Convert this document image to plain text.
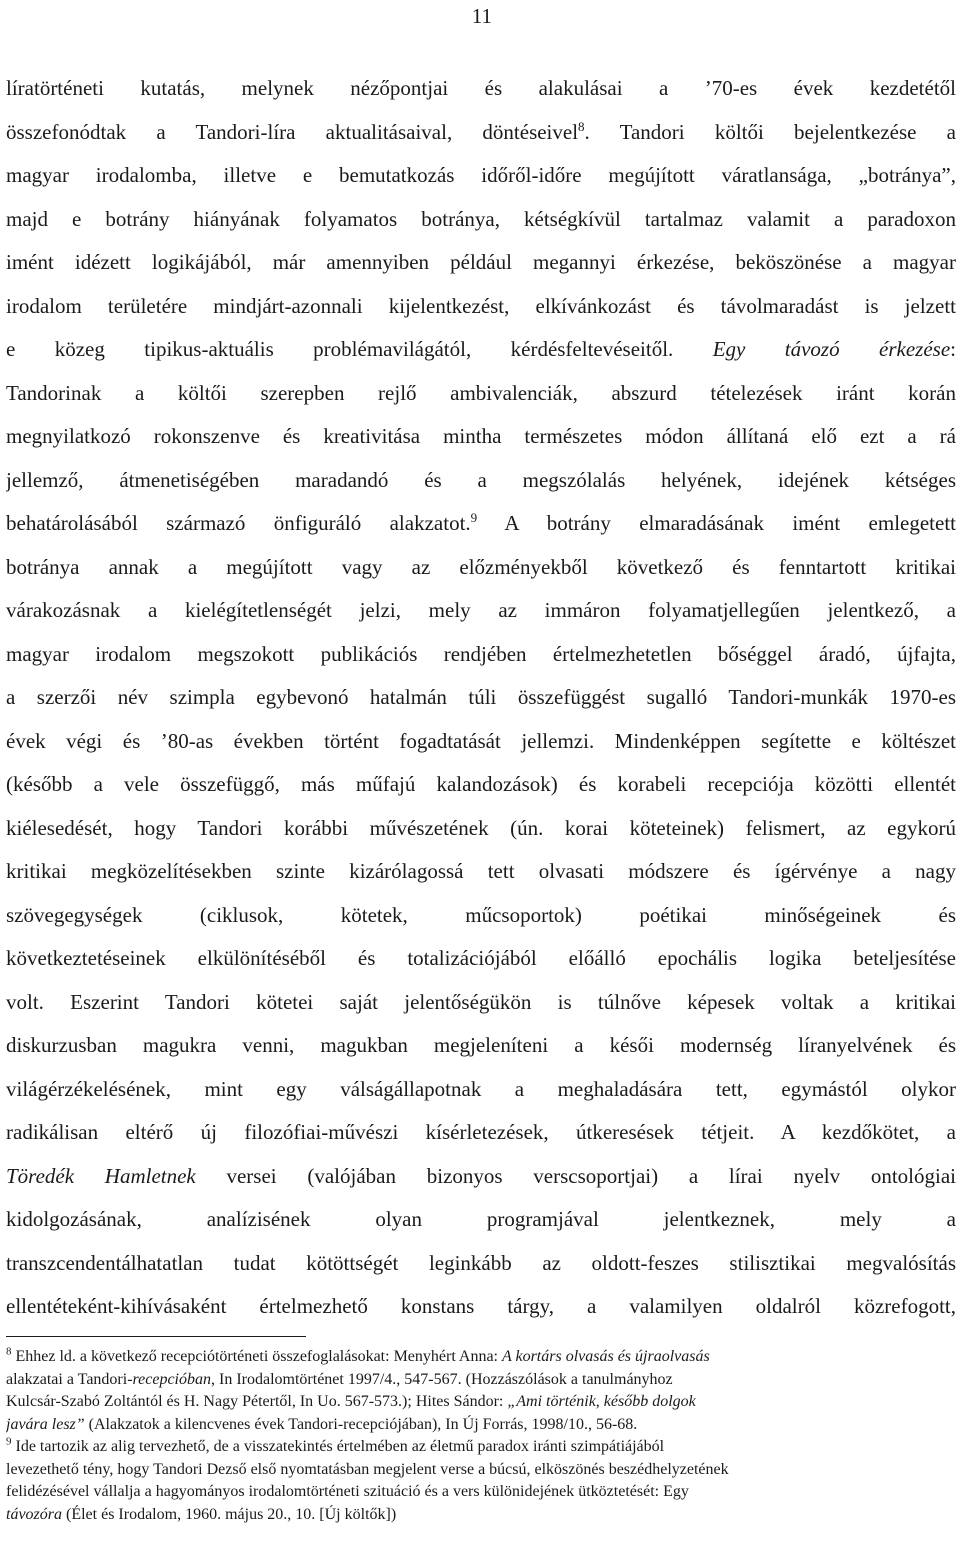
11
líratörténeti kutatás, melynek nézőpontjai és alakulásai a ’70-es évek kezdetétől
összefonódtak a Tandori-líra aktualitásaival, döntéseivel$^8$. Tandori költői bejelentkezése a
magyar irodalomba, illetve e bemutatkozás időről-időre megújított váratlansága, „botránya”,
majd e botrány hiányának folyamatos botránya, kétségkívül tartalmaz valamit a paradoxon
imént idézett logikájából, már amennyiben például megannyi érkezése, beköszönése a magyar
irodalom területére mindjárt-azonnali kijelentkezést, elkívánkozást és távolmaradást is jelzett
e közeg tipikus-aktuális problémavilágától, kérdésfeltevéseitől. Egy távozó érkezése:
Tandorinak a költői szerepben rejlő ambivalenciák, abszurd tételezések iránt korán
megnyilatkozó rokonszenve és kreativitása mintha természetes módon állítaná elő ezt a rá
jellemző, átmenetiségében maradandó és a megszólalás helyének, idejének kétséges
behatárolásából származó önfiguráló alakzatot.$^9$ A botrány elmaradásának imént emlegetett
botránya annak a megújított vagy az előzményekből következő és fenntartott kritikai
várakozásnak a kielégítetlenségét jelzi, mely az immáron folyamatjellegűen jelentkező, a
magyar irodalom megszokott publikációs rendjében értelmezhetetlen bőséggel áradó, újfajta,
a szerzői név szimpla egybevonó hatalmán túli összefüggést sugalló Tandori-munkák 1970-es
évek végi és ’80-as években történt fogadtatását jellemzi. Mindenképpen segítette e költészet
(később a vele összefüggő, más műfajú kalandozások) és korabeli recepciója közötti ellentét
kiélesedését, hogy Tandori korábbi művészetének (ún. korai köteteinek) felismert, az egykorú
kritikai megközelítésekben szinte kizárólagossá tett olvasati módszere és ígérvénye a nagy
szövegegységek (ciklusok, kötetek, műcsoportok) poétikai minőségeinek és
következtetéseinek elkülönítéséből és totalizációjából előálló epochális logika beteljesítése
volt. Eszerint Tandori kötetei saját jelentőségükön is túlnőve képesek voltak a kritikai
diskurzusban magukra venni, magukban megjeleníteni a késői modernség líranyelvének és
világérzékelésének, mint egy válságállapotnak a meghaladására tett, egymástól olykor
radikálisan eltérő új filozófiai-művészi kísérletezések, útkeresések tétjeit. A kezdőkötet, a
Töredék Hamletnek versei (valójában bizonyos verscsoportjai) a lírai nyelv ontológiai
kidolgozásának, analízisének olyan programjával jelentkeznek, mely a
transzcendentálhatatlan tudat kötöttségét leginkább az oldott-feszes stilisztikai megvalósítás
ellentéteként-kihívásaként értelmezhető konstans tárgy, a valamilyen oldalról közrefogott,
$^8$ Ehhez ld. a következő recepciótörténeti összefoglalásokat: Menyhért Anna: A kortárs olvasás és újraolvasás
alakzatai a Tandori-recepcióban, In Irodalomtörténet 1997/4., 547-567. (Hozzászólások a tanulmányhoz
Kulcsár-Szabó Zoltántól és H. Nagy Pétertől, In Uo. 567-573.); Hites Sándor: „Ami történik, később dolgok
javára lesz” (Alakzatok a kilencvenes évek Tandori-recepciójában), In Új Forrás, 1998/10., 56-68.
$^9$ Ide tartozik az alig tervezhető, de a visszatekintés értelmében az életmű paradox iránti szimpátiájából
levezethető tény, hogy Tandori Dezső első nyomtatásban megjelent verse a búcsú, elköszönés beszédhelyzetének
felidézésével vállalja a hagyományos irodalomtörténeti szituáció és a vers különidejének ütköztetését: Egy
távozóra (Élet és Irodalom, 1960. május 20., 10. [Új költők])
